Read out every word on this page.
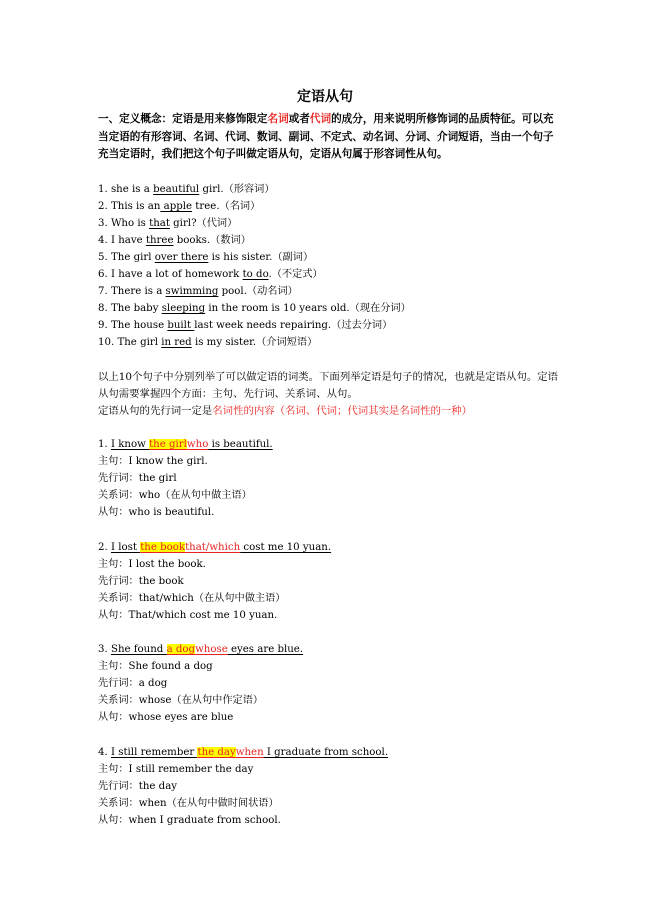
定语从句
一、定义概念：定语是用来修饰限定名词或者代词的成分，用来说明所修饰词的品质特征。可以充当定语的有形容词、名词、代词、数词、副词、不定式、动名词、分词、介词短语，当由一个句子充当定语时，我们把这个句子叫做定语从句，定语从句属于形容词性从句。
1. she is a beautiful girl.（形容词）
2. This is an apple tree.（名词）
3. Who is that girl?（代词）
4. I have three books.（数词）
5. The girl over there is his sister.（副词）
6. I have a lot of homework to do.（不定式）
7. There is a swimming pool.（动名词）
8. The baby sleeping in the room is 10 years old.（现在分词）
9. The house built last week needs repairing.（过去分词）
10. The girl in red is my sister.（介词短语）
以上10个句子中分别列举了可以做定语的词类。下面列举定语是句子的情况，也就是定语从句。定语从句需要掌握四个方面：主句、先行词、关系词、从句。
定语从句的先行词一定是名词性的内容（名词、代词；代词其实是名词性的一种）
1. I know the girlwho is beautiful.
主句：I know the girl.
先行词：the girl
关系词：who（在从句中做主语）
从句：who is beautiful.
2. I lost the bookthat/which cost me 10 yuan.
主句：I lost the book.
先行词：the book
关系词：that/which（在从句中做主语）
从句：That/which cost me 10 yuan.
3. She found a dogwhose eyes are blue.
主句：She found a dog
先行词：a dog
关系词：whose（在从句中作定语）
从句：whose eyes are blue
4. I still remember the daywhen I graduate from school.
主句：I still remember the day
先行词：the day
关系词：when（在从句中做时间状语）
从句：when I graduate from school.
